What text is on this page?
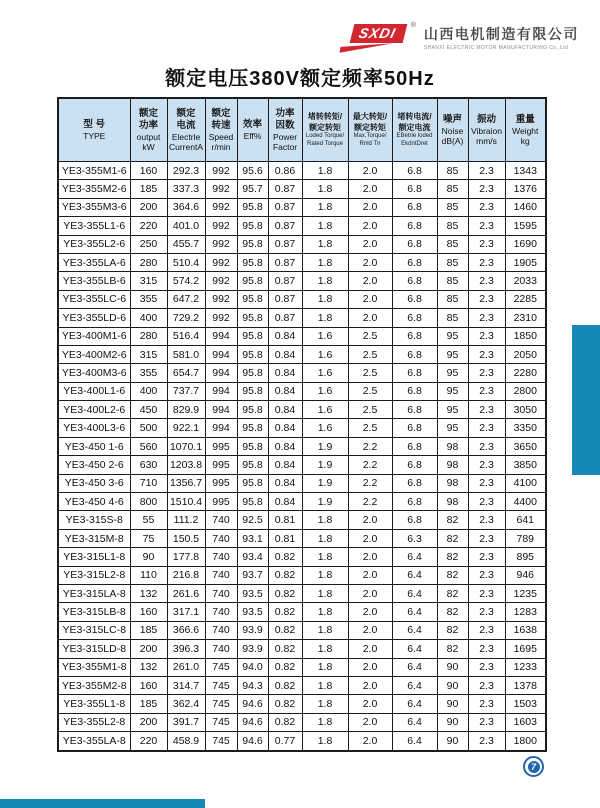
SXDI	®
山西电机制造有限公司
SHANXI ELECTRIC MOTOR MANUFACTURING Co.,Ltd
额定电压380V额定频率50Hz
型 号
TYPE

额定
功率
output
kW

额定
电流
Electrle
CurrentA

额定
转速
Speed
r/min

效率
Eff%

功率
因数
Power
Factor

堵转转矩/
额定转矩
Loded Torque/
Rated Torque

最大转矩/
额定转矩
Max.Torque/
Rnld Tn

堵转电流/
额定电流
EBetrie loded
EkdntDret

噪声
Noise
dB(A)

振动
Vibraion
mm/s

重量
Weight
kg

YE3-355M1-6	160	292.3	992	95.6	0.86	1.8	2.0	6.8	85	2.3	1343
YE3-355M2-6	185	337.3	992	95.7	0.87	1.8	2.0	6.8	85	2.3	1376
YE3-355M3-6	200	364.6	992	95.8	0.87	1.8	2.0	6.8	85	2.3	1460
YE3-355L1-6	220	401.0	992	95.8	0.87	1.8	2.0	6.8	85	2.3	1595
YE3-355L2-6	250	455.7	992	95.8	0.87	1.8	2.0	6.8	85	2.3	1690
YE3-355LA-6	280	510.4	992	95.8	0.87	1.8	2.0	6.8	85	2.3	1905
YE3-355LB-6	315	574.2	992	95.8	0.87	1.8	2.0	6.8	85	2.3	2033
YE3-355LC-6	355	647.2	992	95.8	0.87	1.8	2.0	6.8	85	2.3	2285
YE3-355LD-6	400	729.2	992	95.8	0.87	1.8	2.0	6.8	85	2.3	2310
YE3-400M1-6	280	516.4	994	95.8	0.84	1.6	2.5	6.8	95	2.3	1850
YE3-400M2-6	315	581.0	994	95.8	0.84	1.6	2.5	6.8	95	2.3	2050
YE3-400M3-6	355	654.7	994	95.8	0.84	1.6	2.5	6.8	95	2.3	2280
YE3-400L1-6	400	737.7	994	95.8	0.84	1.6	2.5	6.8	95	2.3	2800
YE3-400L2-6	450	829.9	994	95.8	0.84	1.6	2.5	6.8	95	2.3	3050
YE3-400L3-6	500	922.1	994	95.8	0.84	1.6	2.5	6.8	95	2.3	3350
YE3-450 1-6	560	1070.1	995	95.8	0.84	1.9	2.2	6.8	98	2.3	3650
YE3-450 2-6	630	1203.8	995	95.8	0.84	1.9	2.2	6.8	98	2.3	3850
YE3-450 3-6	710	1356.7	995	95.8	0.84	1.9	2.2	6.8	98	2.3	4100
YE3-450 4-6	800	1510.4	995	95.8	0.84	1.9	2.2	6.8	98	2.3	4400
YE3-315S-8	55	111.2	740	92.5	0.81	1.8	2.0	6.8	82	2.3	641
YE3-315M-8	75	150.5	740	93.1	0.81	1.8	2.0	6.3	82	2.3	789
YE3-315L1-8	90	177.8	740	93.4	0.82	1.8	2.0	6.4	82	2.3	895
YE3-315L2-8	110	216.8	740	93.7	0.82	1.8	2.0	6.4	82	2.3	946
YE3-315LA-8	132	261.6	740	93.5	0.82	1.8	2.0	6.4	82	2.3	1235
YE3-315LB-8	160	317.1	740	93.5	0.82	1.8	2.0	6.4	82	2.3	1283
YE3-315LC-8	185	366.6	740	93.9	0.82	1.8	2.0	6.4	82	2.3	1638
YE3-315LD-8	200	396.3	740	93.9	0.82	1.8	2.0	6.4	82	2.3	1695
YE3-355M1-8	132	261.0	745	94.0	0.82	1.8	2.0	6.4	90	2.3	1233
YE3-355M2-8	160	314.7	745	94.3	0.82	1.8	2.0	6.4	90	2.3	1378
YE3-355L1-8	185	362.4	745	94.6	0.82	1.8	2.0	6.4	90	2.3	1503
YE3-355L2-8	200	391.7	745	94.6	0.82	1.8	2.0	6.4	90	2.3	1603
YE3-355LA-8	220	458.9	745	94.6	0.77	1.8	2.0	6.4	90	2.3	1800
7
